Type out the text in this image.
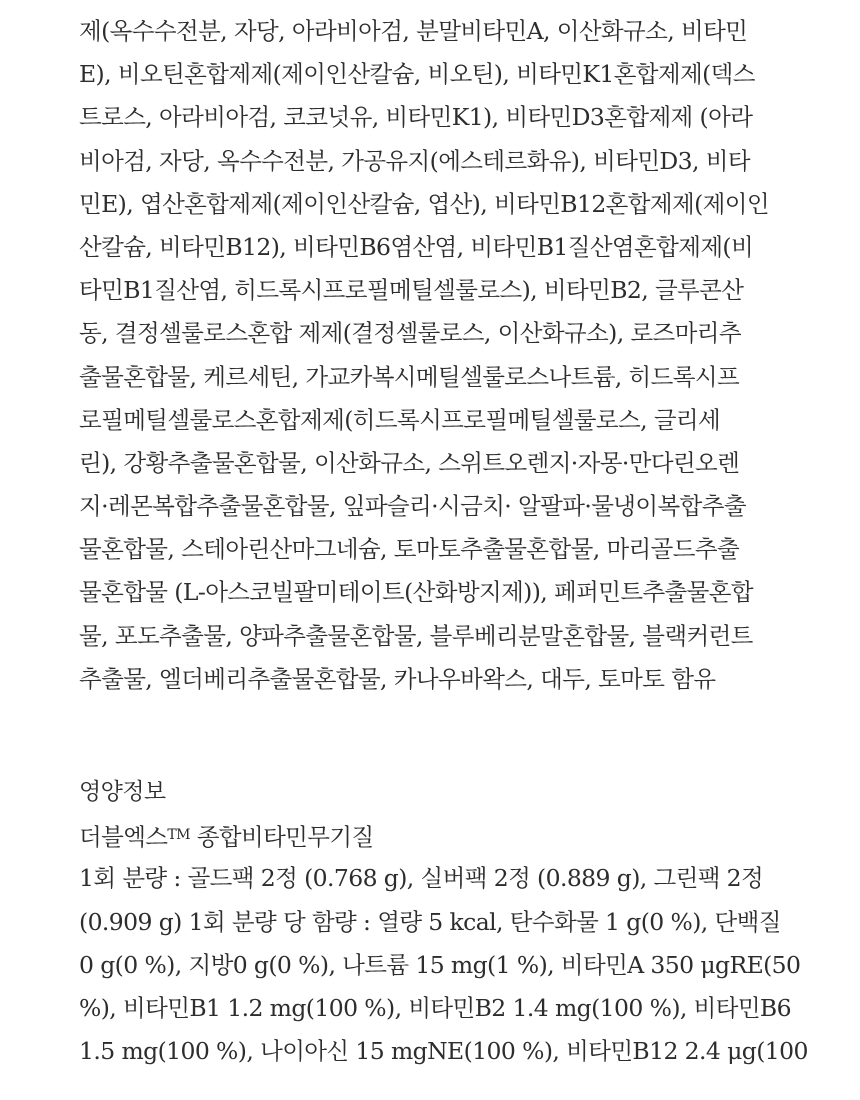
제(옥수수전분, 자당, 아라비아검, 분말비타민A, 이산화규소, 비타민

E), 비오틴혼합제제(제이인산칼슘, 비오틴), 비타민K1혼합제제(덱스

트로스, 아라비아검, 코코넛유, 비타민K1), 비타민D3혼합제제 (아라

비아검, 자당, 옥수수전분, 가공유지(에스테르화유), 비타민D3, 비타

민E), 엽산혼합제제(제이인산칼슘, 엽산), 비타민B12혼합제제(제이인

산칼슘, 비타민B12), 비타민B6염산염, 비타민B1질산염혼합제제(비

타민B1질산염, 히드록시프로필메틸셀룰로스), 비타민B2, 글루콘산

동, 결정셀룰로스혼합 제제(결정셀룰로스, 이산화규소), 로즈마리추

출물혼합물, 케르세틴, 가교카복시메틸셀룰로스나트륨, 히드록시프

로필메틸셀룰로스혼합제제(히드록시프로필메틸셀룰로스, 글리세

린), 강황추출물혼합물, 이산화규소, 스위트오렌지·자몽·만다린오렌

지·레몬복합추출물혼합물, 잎파슬리·시금치· 알팔파·물냉이복합추출

물혼합물, 스테아린산마그네슘, 토마토추출물혼합물, 마리골드추출

물혼합물 (L-아스코빌팔미테이트(산화방지제)), 페퍼민트추출물혼합

물, 포도추출물, 양파추출물혼합물, 블루베리분말혼합물, 블랙커런트

추출물, 엘더베리추출물혼합물, 카나우바왁스, 대두, 토마토 함유

영양정보

더블엑스™ 종합비타민무기질

1회 분량 : 골드팩 2정 (0.768 g), 실버팩 2정 (0.889 g), 그린팩 2정

(0.909 g) 1회 분량 당 함량 : 열량 5 kcal, 탄수화물 1 g(0 %), 단백질

0 g(0 %), 지방0 g(0 %), 나트륨 15 mg(1 %), 비타민A 350 μgRE(50

%), 비타민B1 1.2 mg(100 %), 비타민B2 1.4 mg(100 %), 비타민B6

1.5 mg(100 %), 나이아신 15 mgNE(100 %), 비타민B12 2.4 μg(100
